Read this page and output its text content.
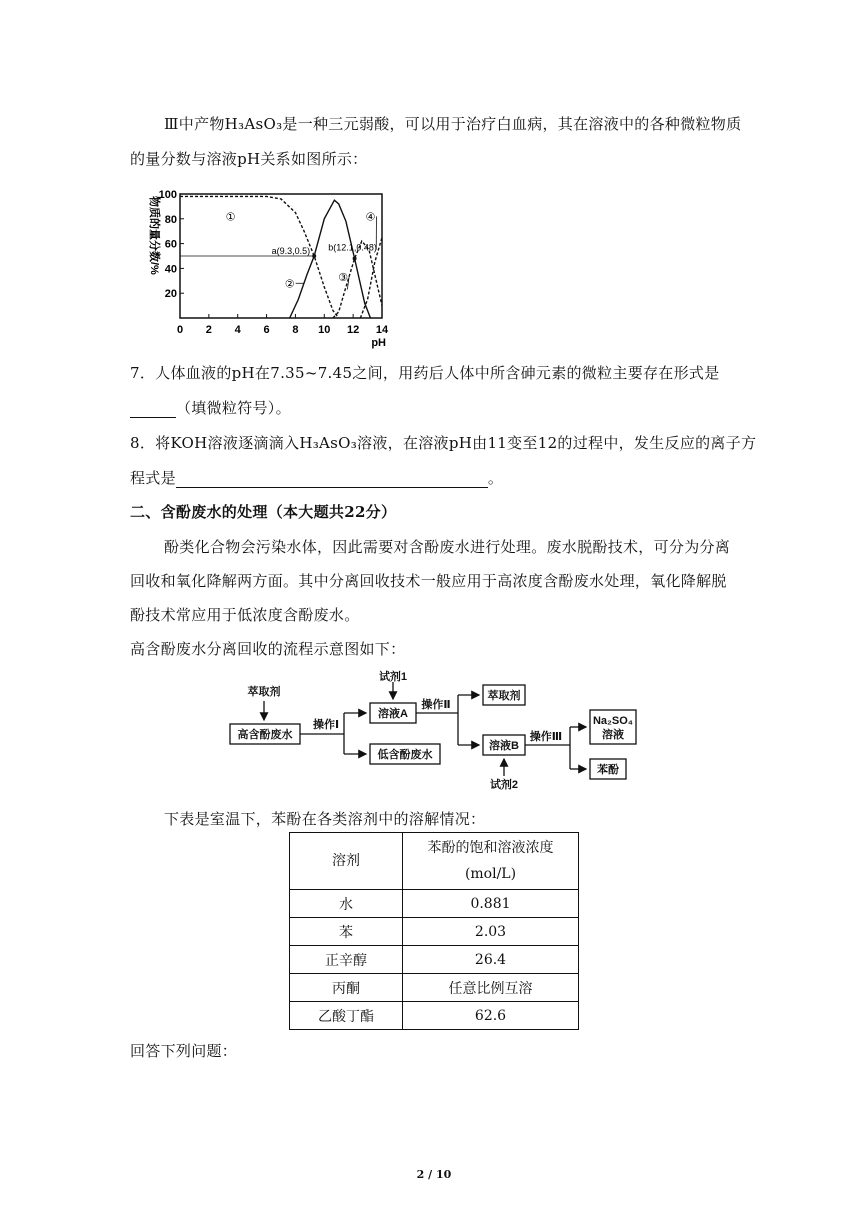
Ⅲ中产物H₃AsO₃是一种三元弱酸，可以用于治疗白血病，其在溶液中的各种微粒物质
的量分数与溶液pH关系如图所示：
100
80
60
40
20
0 2 4 6 8 10 12 14
pH
物质的量分数/%	①
②
③
④
a(9.3,0.5) b(12.1,0.48)
7．人体血液的pH在7.35~7.45之间，用药后人体中所含砷元素的微粒主要存在形式是
（填微粒符号）。
8．将KOH溶液逐滴滴入H₃AsO₃溶液，在溶液pH由11变至12的过程中，发生反应的离子方
程式是	。
二、含酚废水的处理（本大题共22分）
酚类化合物会污染水体，因此需要对含酚废水进行处理。废水脱酚技术，可分为分离
回收和氧化降解两方面。其中分离回收技术一般应用于高浓度含酚废水处理，氧化降解脱
酚技术常应用于低浓度含酚废水。
高含酚废水分离回收的流程示意图如下：
萃取剂
高含酚废水
操作Ⅰ
试剂1
溶液A
低含酚废水
操作Ⅱ
萃取剂
溶液B
试剂2
操作Ⅲ
Na₂SO₄
溶液
苯酚
下表是室温下，苯酚在各类溶剂中的溶解情况：
溶剂	苯酚的饱和溶液浓度
(mol/L)

水	0.881
苯	2.03
正辛醇	26.4
丙酮	任意比例互溶
乙酸丁酯	62.6
回答下列问题：
2 / 10
